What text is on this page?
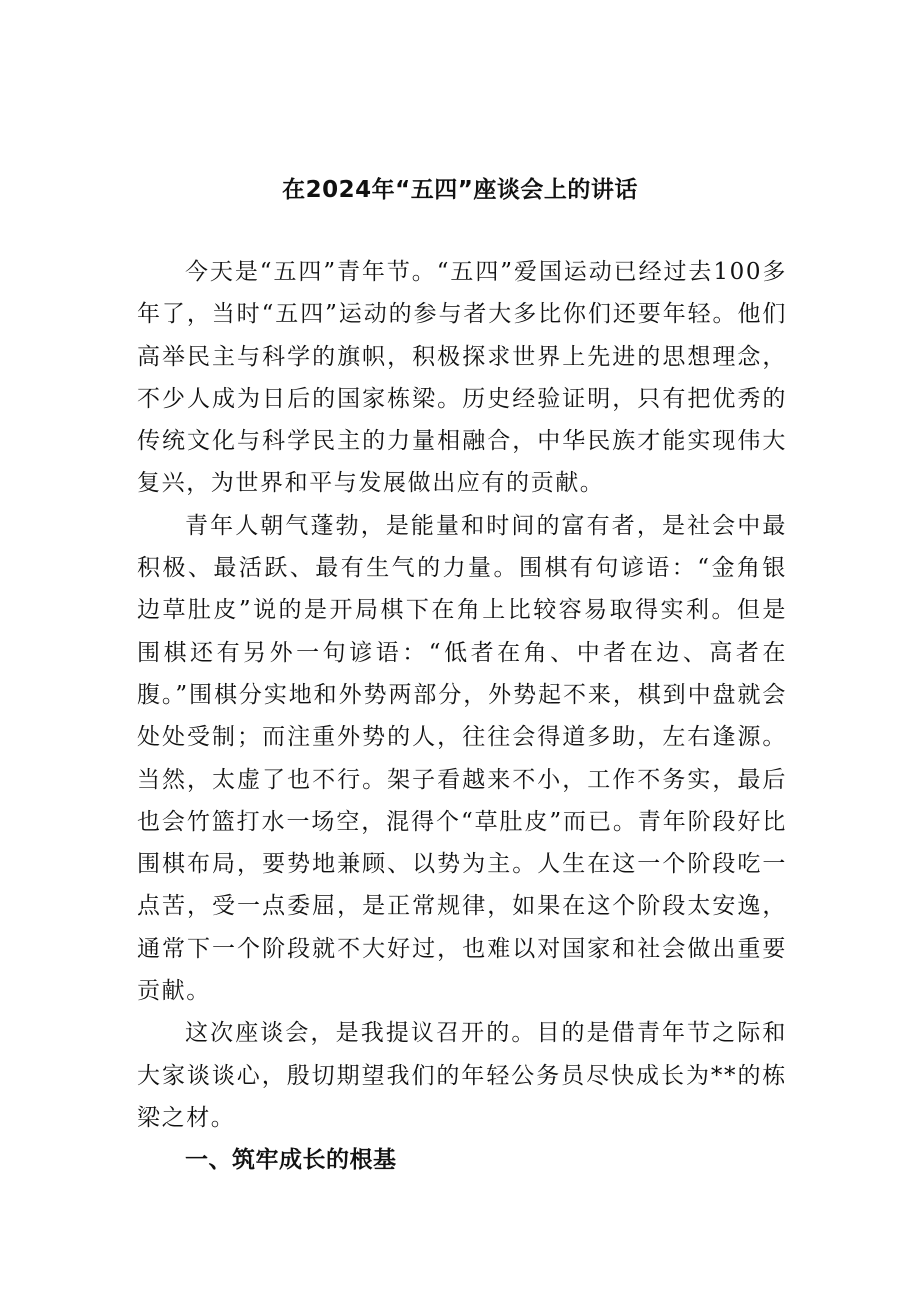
在2024年“五四”座谈会上的讲话

今天是“五四”青年节。“五四”爱国运动已经过去100多年了，当时“五四”运动的参与者大多比你们还要年轻。他们高举民主与科学的旗帜，积极探求世界上先进的思想理念，不少人成为日后的国家栋梁。历史经验证明，只有把优秀的传统文化与科学民主的力量相融合，中华民族才能实现伟大复兴，为世界和平与发展做出应有的贡献。

青年人朝气蓬勃，是能量和时间的富有者，是社会中最积极、最活跃、最有生气的力量。围棋有句谚语：“金角银边草肚皮”说的是开局棋下在角上比较容易取得实利。但是围棋还有另外一句谚语：“低者在角、中者在边、高者在腹。”围棋分实地和外势两部分，外势起不来，棋到中盘就会处处受制；而注重外势的人，往往会得道多助，左右逢源。当然，太虚了也不行。架子看越来不小，工作不务实，最后也会竹篮打水一场空，混得个“草肚皮”而已。青年阶段好比围棋布局，要势地兼顾、以势为主。人生在这一个阶段吃一点苦，受一点委屈，是正常规律，如果在这个阶段太安逸，通常下一个阶段就不大好过，也难以对国家和社会做出重要贡献。

这次座谈会，是我提议召开的。目的是借青年节之际和大家谈谈心，殷切期望我们的年轻公务员尽快成长为**的栋梁之材。

一、筑牢成长的根基
